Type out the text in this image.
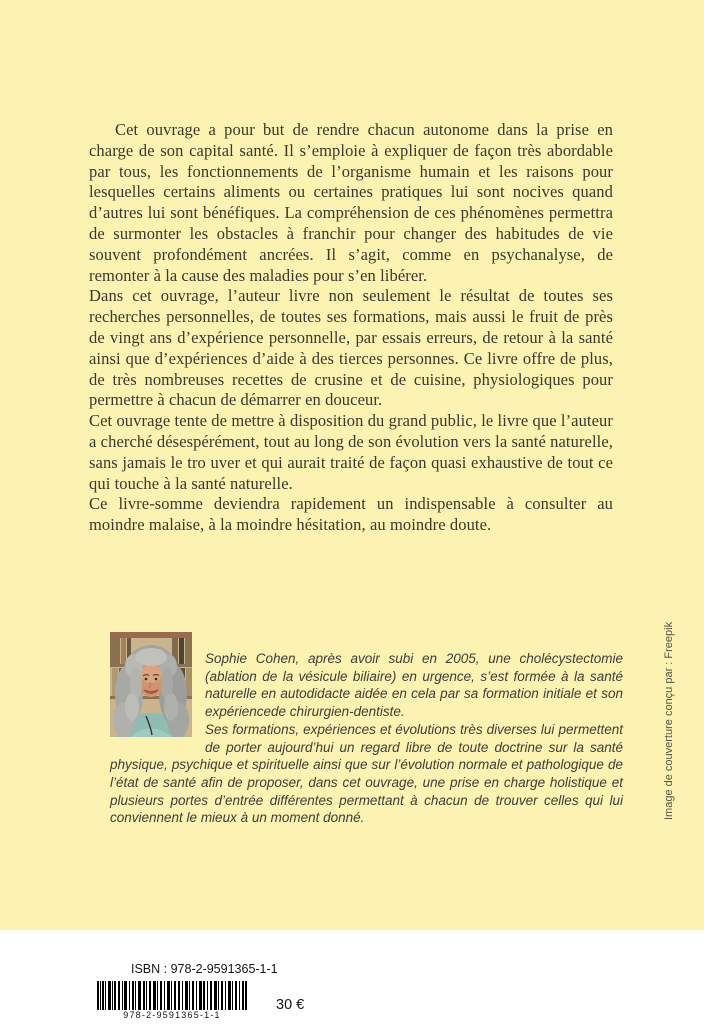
Cet ouvrage a pour but de rendre chacun autonome dans la prise en charge de son capital santé. Il s’emploie à expliquer de façon très abordable par tous, les fonctionnements de l’organisme humain et les raisons pour lesquelles certains aliments ou certaines pratiques lui sont nocives quand d’autres lui sont bénéfiques. La compréhension de ces phénomènes permettra de surmonter les obstacles à franchir pour changer des habitudes de vie souvent profondément ancrées. Il s’agit, comme en psychanalyse, de remonter à la cause des maladies pour s’en libérer.

Dans cet ouvrage, l’auteur livre non seulement le résultat de toutes ses recherches personnelles, de toutes ses formations, mais aussi le fruit de près de vingt ans d’expérience personnelle, par essais erreurs, de retour à la santé ainsi que d’expériences d’aide à des tierces personnes. Ce livre offre de plus, de très nombreuses recettes de crusine et de cuisine, physiologiques pour permettre à chacun de démarrer en douceur.

Cet ouvrage tente de mettre à disposition du grand public, le livre que l’auteur a cherché désespérément, tout au long de son évolution vers la santé naturelle, sans jamais le tro uver et qui aurait traité de façon quasi exhaustive de tout ce qui touche à la santé naturelle.

Ce livre-somme deviendra rapidement un indispensable à consulter au moindre malaise, à la moindre hésitation, au moindre doute.

Sophie Cohen, après avoir subi en 2005, une cholécystectomie (ablation de la vésicule biliaire) en urgence, s’est formée à la santé naturelle en autodidacte aidée en cela par sa formation initiale et son expériencede chirurgien-dentiste.

Ses formations, expériences et évolutions très diverses lui permettent de porter aujourd’hui un regard libre de toute doctrine sur la santé physique, psychique et spirituelle ainsi que sur l’évolution normale et pathologique de l’état de santé afin de proposer, dans cet ouvrage, une prise en charge holistique et plusieurs portes d’entrée différentes permettant à chacun de trouver celles qui lui conviennent le mieux à un moment donné.	Image de couverture conçu par : Freepik
ISBN : 978-2-9591365-1-1
978-2-9591365-1-1
30 €
